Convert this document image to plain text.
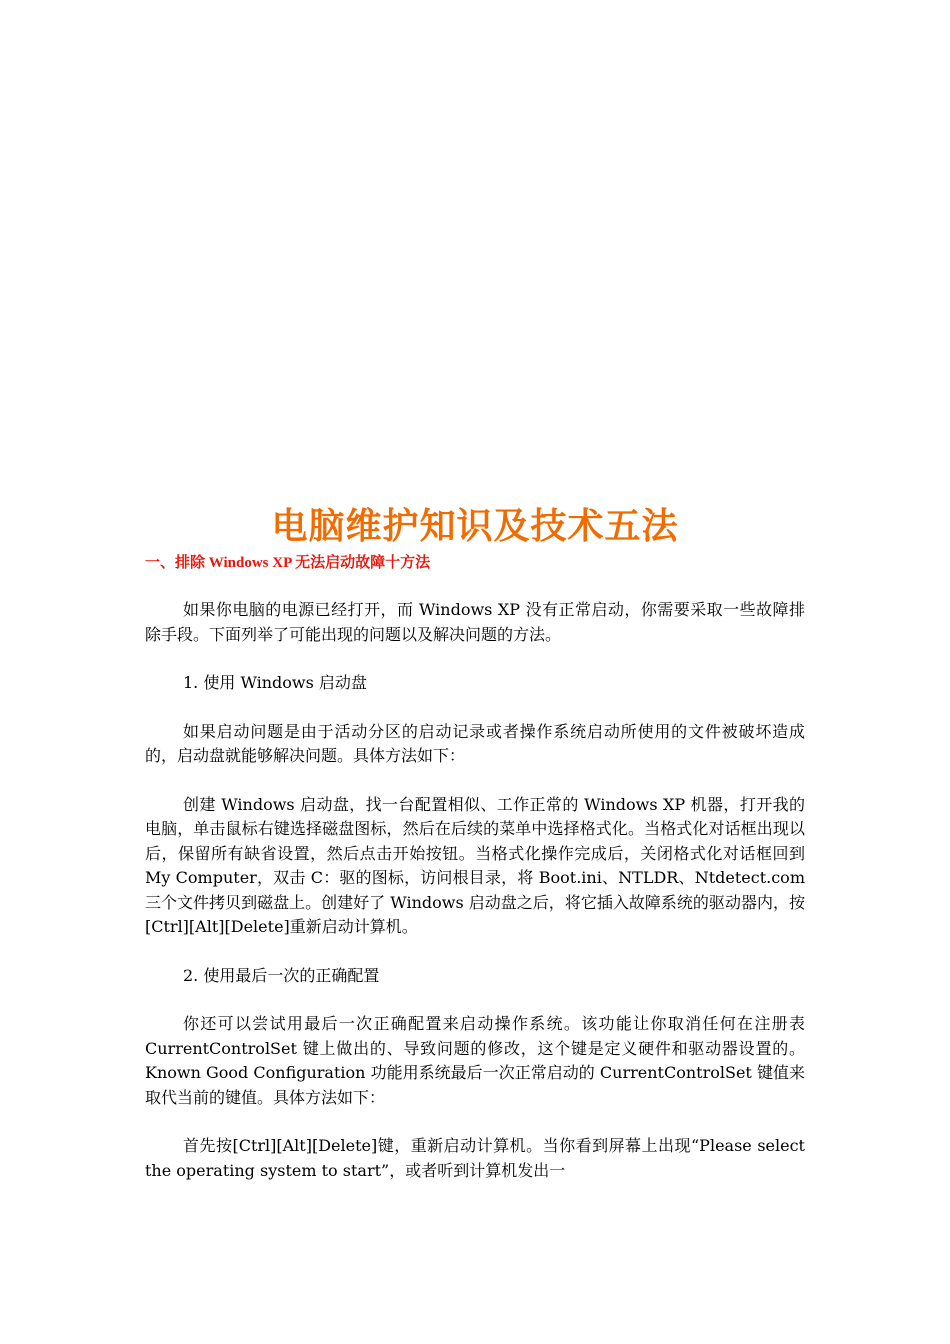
电脑维护知识及技术五法
一、排除 Windows XP 无法启动故障十方法

如果你电脑的电源已经打开，而 Windows XP 没有正常启动，你需要采取一些故障排除手段。下面列举了可能出现的问题以及解决问题的方法。

1. 使用 Windows 启动盘

如果启动问题是由于活动分区的启动记录或者操作系统启动所使用的文件被破坏造成的，启动盘就能够解决问题。具体方法如下：

创建 Windows 启动盘，找一台配置相似、工作正常的 Windows XP 机器，打开我的电脑，单击鼠标右键选择磁盘图标，然后在后续的菜单中选择格式化。当格式化对话框出现以后，保留所有缺省设置，然后点击开始按钮。当格式化操作完成后，关闭格式化对话框回到 My Computer，双击 C：驱的图标，访问根目录，将 Boot.ini、NTLDR、Ntdetect.com 三个文件拷贝到磁盘上。创建好了 Windows 启动盘之后，将它插入故障系统的驱动器内，按[Ctrl][Alt][Delete]重新启动计算机。

2. 使用最后一次的正确配置

你还可以尝试用最后一次正确配置来启动操作系统。该功能让你取消任何在注册表 CurrentControlSet 键上做出的、导致问题的修改，这个键是定义硬件和驱动器设置的。Known Good Configuration 功能用系统最后一次正常启动的 CurrentControlSet 键值来取代当前的键值。具体方法如下：

首先按[Ctrl][Alt][Delete]键，重新启动计算机。当你看到屏幕上出现“Please select the operating system to start”，或者听到计算机发出一
